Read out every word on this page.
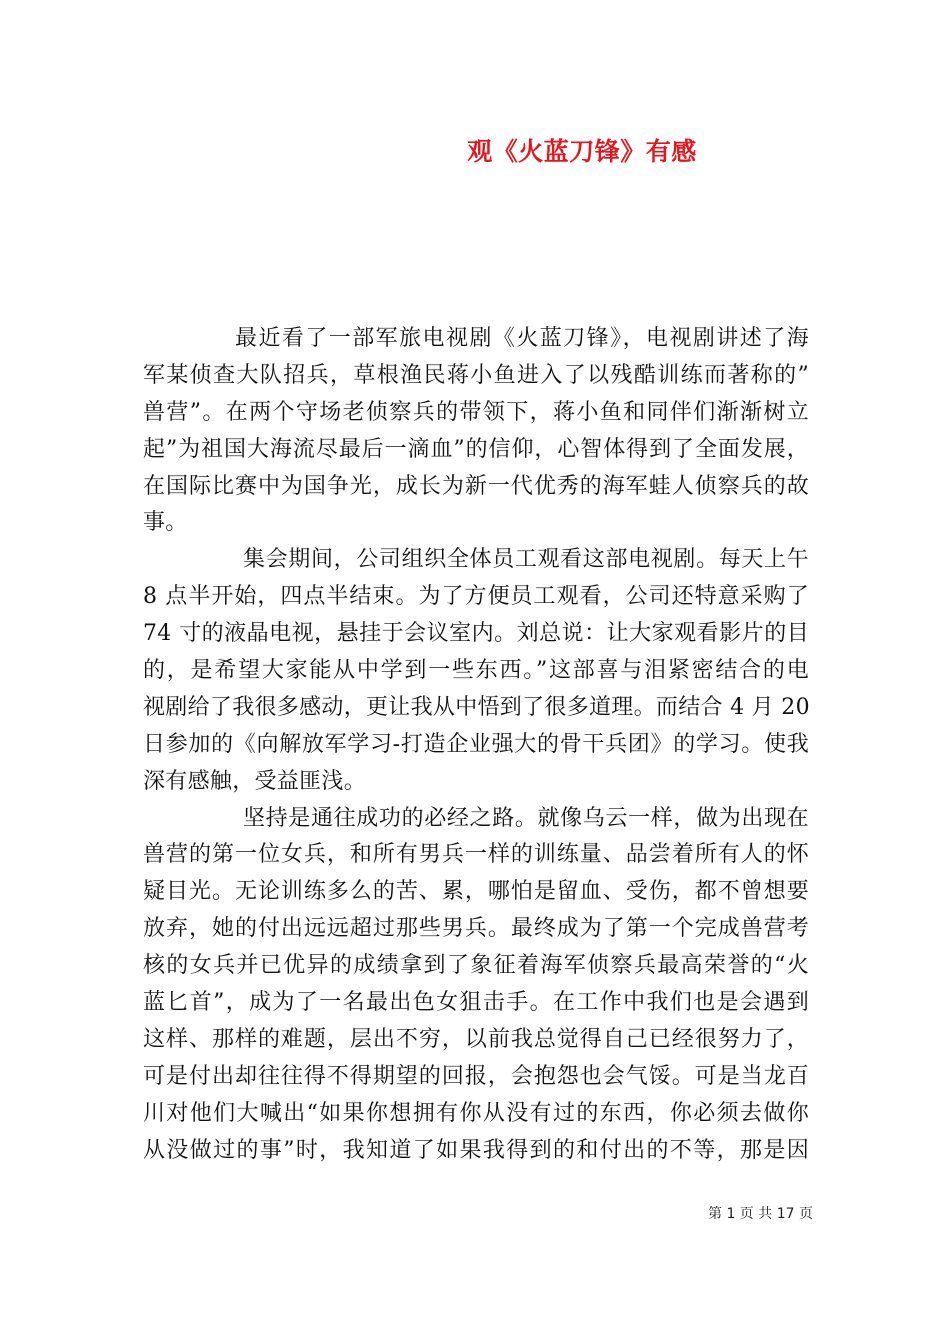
观《火蓝刀锋》有感
最近看了一部军旅电视剧《火蓝刀锋》，电视剧讲述了海
军某侦查大队招兵，草根渔民蒋小鱼进入了以残酷训练而著称的”
兽营”。在两个守场老侦察兵的带领下，蒋小鱼和同伴们渐渐树立
起”为祖国大海流尽最后一滴血”的信仰，心智体得到了全面发展，
在国际比赛中为国争光，成长为新一代优秀的海军蛙人侦察兵的故
事。
集会期间，公司组织全体员工观看这部电视剧。每天上午
8 点半开始，四点半结束。为了方便员工观看，公司还特意采购了
74 寸的液晶电视，悬挂于会议室内。刘总说：让大家观看影片的目
的，是希望大家能从中学到一些东西。”这部喜与泪紧密结合的电
视剧给了我很多感动，更让我从中悟到了很多道理。而结合 4 月 20
日参加的《向解放军学习-打造企业强大的骨干兵团》的学习。使我
深有感触，受益匪浅。
坚持是通往成功的必经之路。就像乌云一样，做为出现在
兽营的第一位女兵，和所有男兵一样的训练量、品尝着所有人的怀
疑目光。无论训练多么的苦、累，哪怕是留血、受伤，都不曾想要
放弃，她的付出远远超过那些男兵。最终成为了第一个完成兽营考
核的女兵并已优异的成绩拿到了象征着海军侦察兵最高荣誉的“火
蓝匕首”，成为了一名最出色女狙击手。在工作中我们也是会遇到
这样、那样的难题，层出不穷，以前我总觉得自己已经很努力了，
可是付出却往往得不得期望的回报，会抱怨也会气馁。可是当龙百
川对他们大喊出“如果你想拥有你从没有过的东西，你必须去做你
从没做过的事”时，我知道了如果我得到的和付出的不等，那是因
第 1 页 共 17 页
